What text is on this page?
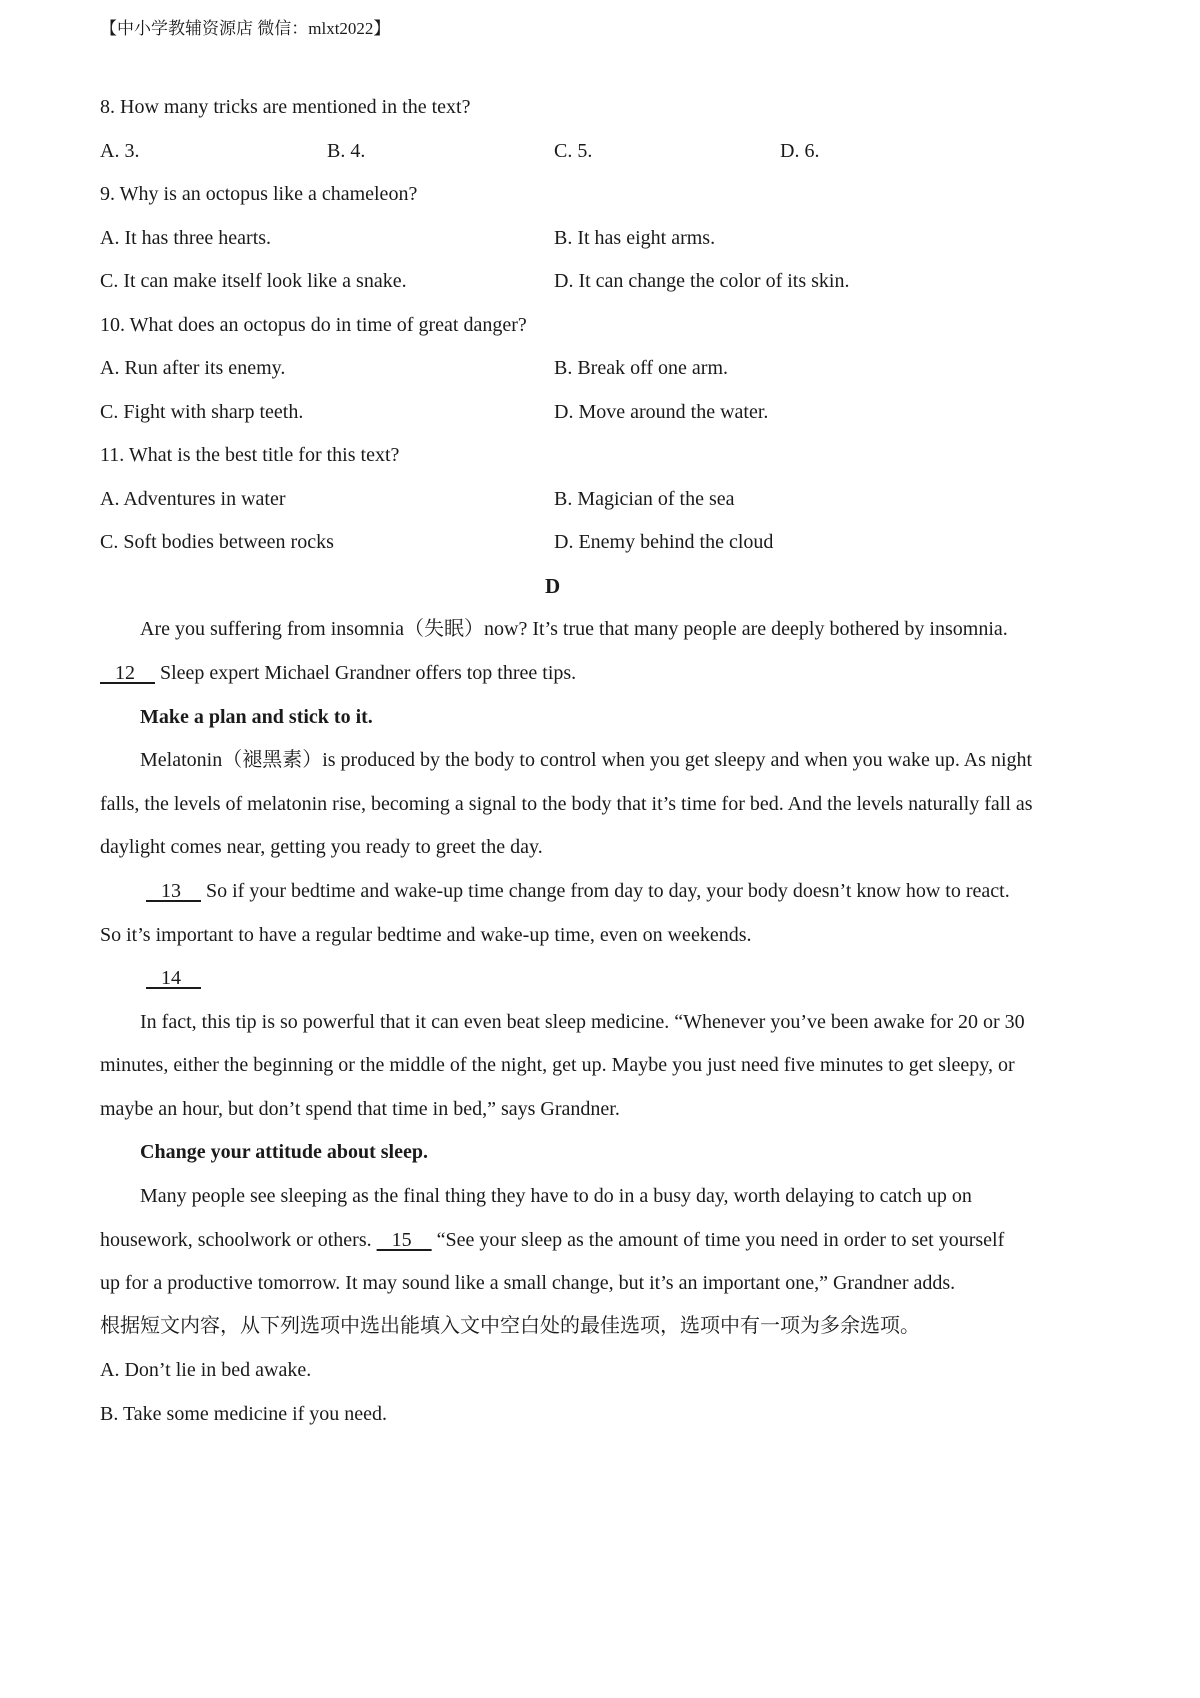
【中小学教辅资源店 微信：mlxt2022】
8. How many tricks are mentioned in the text?
A. 3.	B. 4.	C. 5.	D. 6.
9. Why is an octopus like a chameleon?
A. It has three hearts.	B. It has eight arms.
C. It can make itself look like a snake.	D. It can change the color of its skin.
10. What does an octopus do in time of great danger?
A. Run after its enemy.	B. Break off one arm.
C. Fight with sharp teeth.	D. Move around the water.
11. What is the best title for this text?
A. Adventures in water	B. Magician of the sea
C. Soft bodies between rocks	D. Enemy behind the cloud
D
Are you suffering from insomnia（失眠）now? It’s true that many people are deeply bothered by insomnia.
12     Sleep expert Michael Grandner offers top three tips.
Make a plan and stick to it.
Melatonin（褪黑素）is produced by the body to control when you get sleepy and when you wake up. As night
falls, the levels of melatonin rise, becoming a signal to the body that it’s time for bed. And the levels naturally fall as
daylight comes near, getting you ready to greet the day.
13     So if your bedtime and wake-up time change from day to day, your body doesn’t know how to react.
So it’s important to have a regular bedtime and wake-up time, even on weekends.
14
In fact, this tip is so powerful that it can even beat sleep medicine. “Whenever you’ve been awake for 20 or 30
minutes, either the beginning or the middle of the night, get up. Maybe you just need five minutes to get sleepy, or
maybe an hour, but don’t spend that time in bed,” says Grandner.
Change your attitude about sleep.
Many people see sleeping as the final thing they have to do in a busy day, worth delaying to catch up on
housework, schoolwork or others.    15     “See your sleep as the amount of time you need in order to set yourself
up for a productive tomorrow. It may sound like a small change, but it’s an important one,” Grandner adds.
根据短文内容，从下列选项中选出能填入文中空白处的最佳选项，选项中有一项为多余选项。
A. Don’t lie in bed awake.
B. Take some medicine if you need.
